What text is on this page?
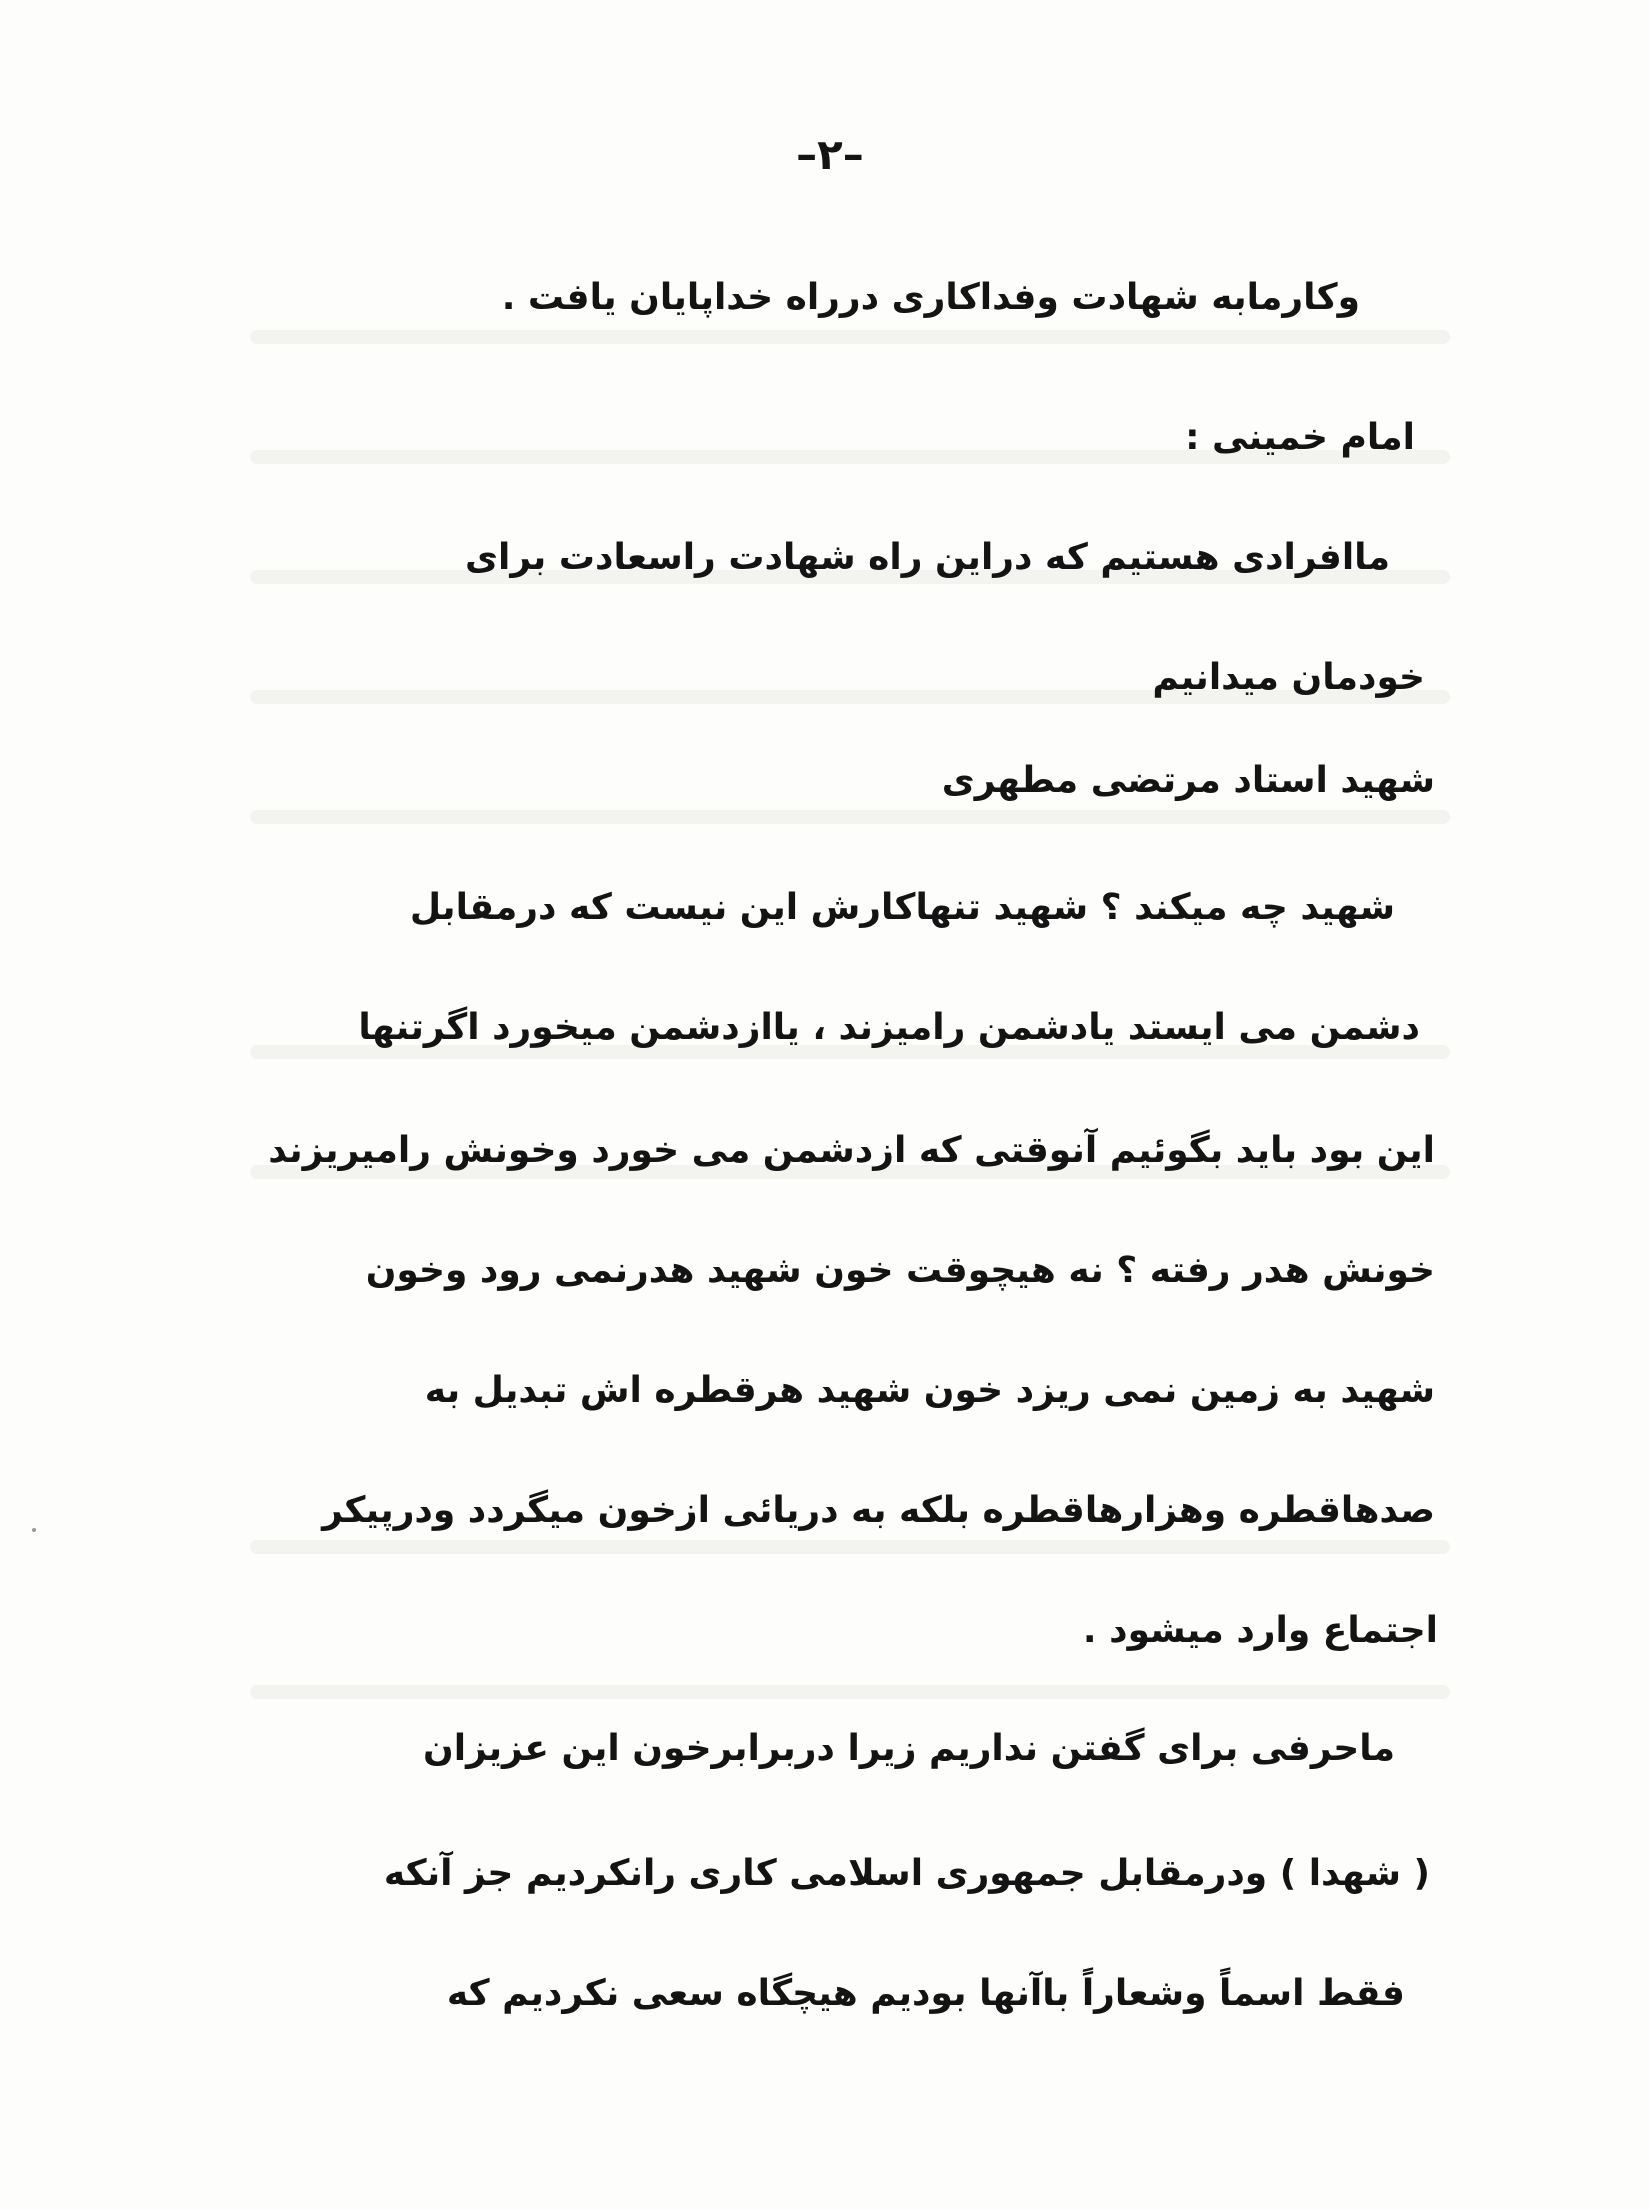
–۲–

وکارمابه شهادت وفداکاری درراه خداپایان یافت .

امام خمینی :

ماافرادی هستیم که دراین راه شهادت راسعادت برای

خودمان میدانیم

شهید استاد مرتضی مطهری

شهید چه میکند ؟ شهید تنهاکارش این نیست که درمقابل

دشمن می ایستد یادشمن رامیزند ، یاازدشمن میخورد اگرتنها

این بود باید بگوئیم آنوقتی که ازدشمن می خورد وخونش رامیریزند

خونش هدر رفته ؟ نه هیچوقت خون شهید هدرنمی رود وخون

شهید به زمین نمی ریزد خون شهید هرقطره اش تبدیل به

صدهاقطره وهزارهاقطره بلکه به دریائی ازخون میگردد ودرپیکر

اجتماع وارد میشود .

ماحرفی برای گفتن نداریم زیرا دربرابرخون این عزیزان

( شهدا ) ودرمقابل جمهوری اسلامی کاری رانکردیم جز آنکه

فقط اسماً وشعاراً باآنها بودیم هیچگاه سعی نکردیم که
